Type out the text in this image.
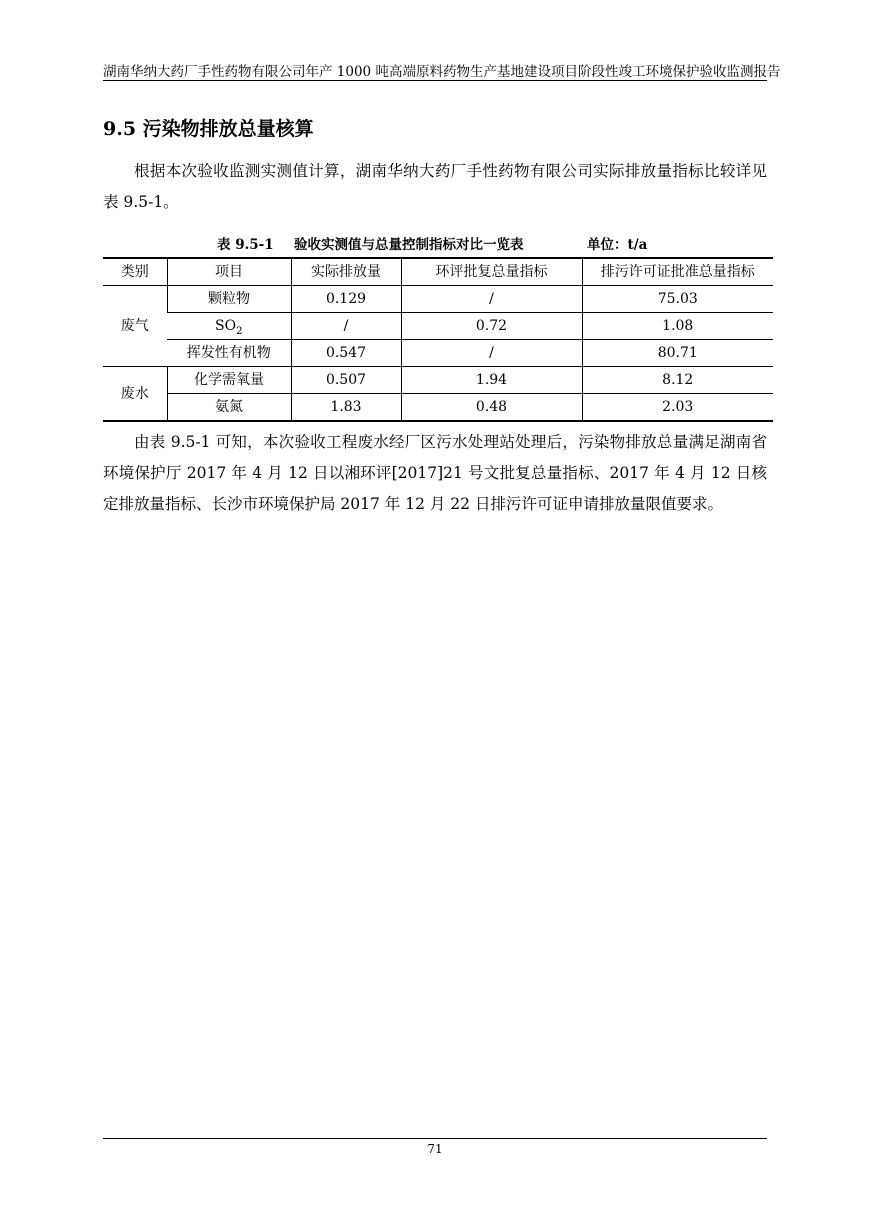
湖南华纳大药厂手性药物有限公司年产 1000 吨高端原料药物生产基地建设项目阶段性竣工环境保护验收监测报告
9.5 污染物排放总量核算
根据本次验收监测实测值计算，湖南华纳大药厂手性药物有限公司实际排放量指标比较详见表 9.5-1。
表 9.5-1 验收实测值与总量控制指标对比一览表	单位：t/a
类别	项目	实际排放量	环评批复总量指标	排污许可证批准总量指标
废气	颗粒物	0.129	/	75.03
	$SO_2$	/	0.72	1.08
	挥发性有机物	0.547	/	80.71
废水	化学需氧量	0.507	1.94	8.12
	氨氮	1.83	0.48	2.03
由表 9.5-1 可知，本次验收工程废水经厂区污水处理站处理后，污染物排放总量满足湖南省环境保护厅 2017 年 4 月 12 日以湘环评[2017]21 号文批复总量指标、2017 年 4 月 12 日核定排放量指标、长沙市环境保护局 2017 年 12 月 22 日排污许可证申请排放量限值要求。
71
